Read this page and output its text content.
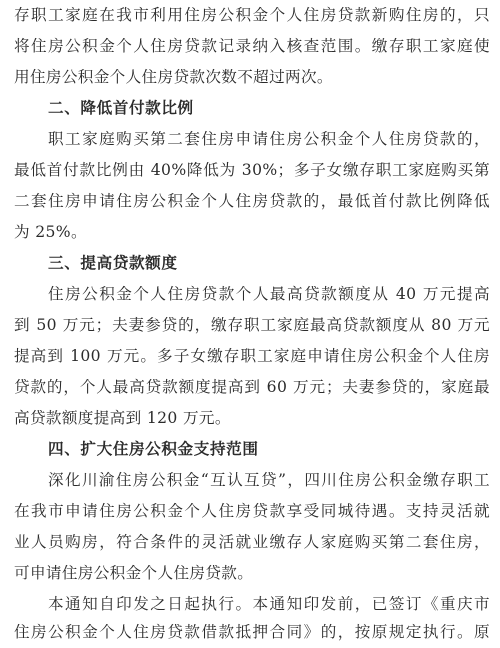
存职工家庭在我市利用住房公积金个人住房贷款新购住房的，只
将住房公积金个人住房贷款记录纳入核查范围。缴存职工家庭使
用住房公积金个人住房贷款次数不超过两次。
二、降低首付款比例
职工家庭购买第二套住房申请住房公积金个人住房贷款的，
最低首付款比例由 40%降低为 30%；多子女缴存职工家庭购买第
二套住房申请住房公积金个人住房贷款的，最低首付款比例降低
为 25%。
三、提高贷款额度
住房公积金个人住房贷款个人最高贷款额度从 40 万元提高
到 50 万元；夫妻参贷的，缴存职工家庭最高贷款额度从 80 万元
提高到 100 万元。多子女缴存职工家庭申请住房公积金个人住房
贷款的，个人最高贷款额度提高到 60 万元；夫妻参贷的，家庭最
高贷款额度提高到 120 万元。
四、扩大住房公积金支持范围
深化川渝住房公积金“互认互贷”，四川住房公积金缴存职工
在我市申请住房公积金个人住房贷款享受同城待遇。支持灵活就
业人员购房，符合条件的灵活就业缴存人家庭购买第二套住房，
可申请住房公积金个人住房贷款。
本通知自印发之日起执行。本通知印发前，已签订《重庆市
住房公积金个人住房贷款借款抵押合同》的，按原规定执行。原
